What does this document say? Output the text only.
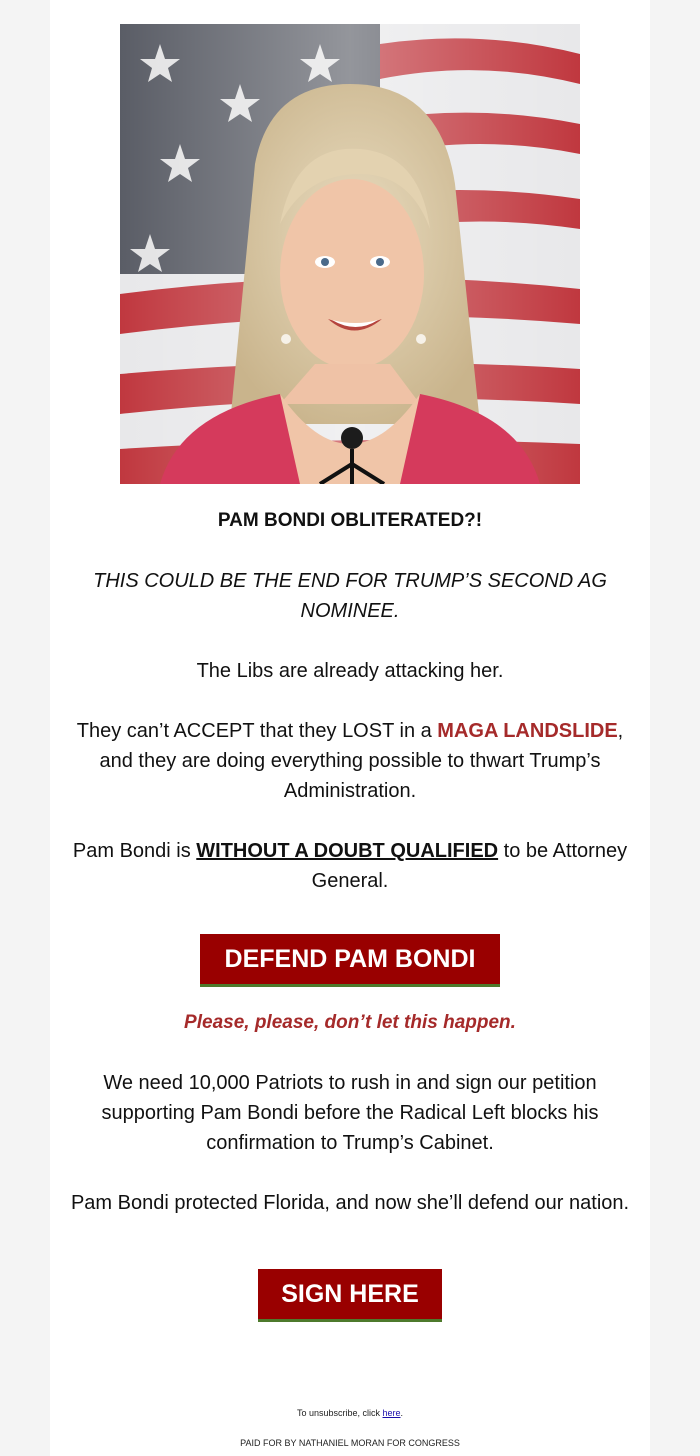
PAM BONDI OBLITERATED?!
THIS COULD BE THE END FOR TRUMP’S SECOND AG NOMINEE.
The Libs are already attacking her.
They can’t ACCEPT that they LOST in a MAGA LANDSLIDE, and they are doing everything possible to thwart Trump’s Administration.
Pam Bondi is WITHOUT A DOUBT QUALIFIED to be Attorney General.
DEFEND PAM BONDI
Please, please, don’t let this happen.
We need 10,000 Patriots to rush in and sign our petition supporting Pam Bondi before the Radical Left blocks his confirmation to Trump’s Cabinet.
Pam Bondi protected Florida, and now she’ll defend our nation.
SIGN HERE
To unsubscribe, click here.
PAID FOR BY NATHANIEL MORAN FOR CONGRESS
